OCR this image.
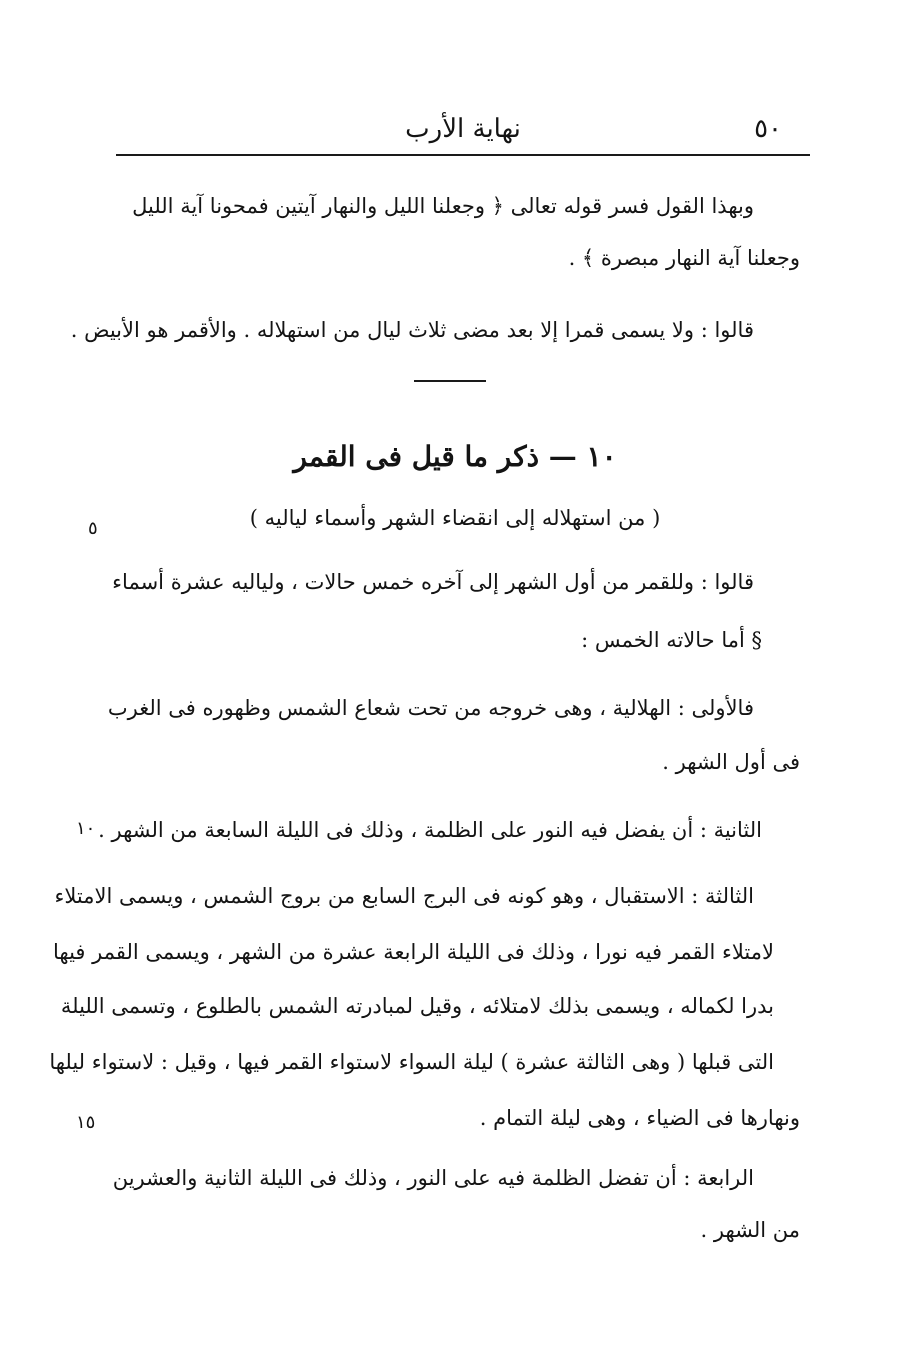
نهاية الأرب	٥٠
وبهذا القول فسر قوله تعالى ﴿ وجعلنا الليل والنهار آيتين فمحونا آية الليل
وجعلنا آية النهار مبصرة ﴾ .
قالوا : ولا يسمى قمرا إلا بعد مضى ثلاث ليال من استهلاله . والأقمر هو الأبيض .
١٠ — ذكر ما قيل فى القمر
( من استهلاله إلى انقضاء الشهر وأسماء لياليه )
قالوا : وللقمر من أول الشهر إلى آخره خمس حالات ، ولياليه عشرة أسماء
§ أما حالاته الخمس :
فالأولى : الهلالية ، وهى خروجه من تحت شعاع الشمس وظهوره فى الغرب
فى أول الشهر .
الثانية : أن يفضل فيه النور على الظلمة ، وذلك فى الليلة السابعة من الشهر .
الثالثة : الاستقبال ، وهو كونه فى البرج السابع من بروج الشمس ، ويسمى الامتلاء
لامتلاء القمر فيه نورا ، وذلك فى الليلة الرابعة عشرة من الشهر ، ويسمى القمر فيها
بدرا لكماله ، ويسمى بذلك لامتلائه ، وقيل لمبادرته الشمس بالطلوع ، وتسمى الليلة
التى قبلها ( وهى الثالثة عشرة ) ليلة السواء لاستواء القمر فيها ، وقيل : لاستواء ليلها
ونهارها فى الضياء ، وهى ليلة التمام .
الرابعة : أن تفضل الظلمة فيه على النور ، وذلك فى الليلة الثانية والعشرين
من الشهر .
٥
١٠
١٥
